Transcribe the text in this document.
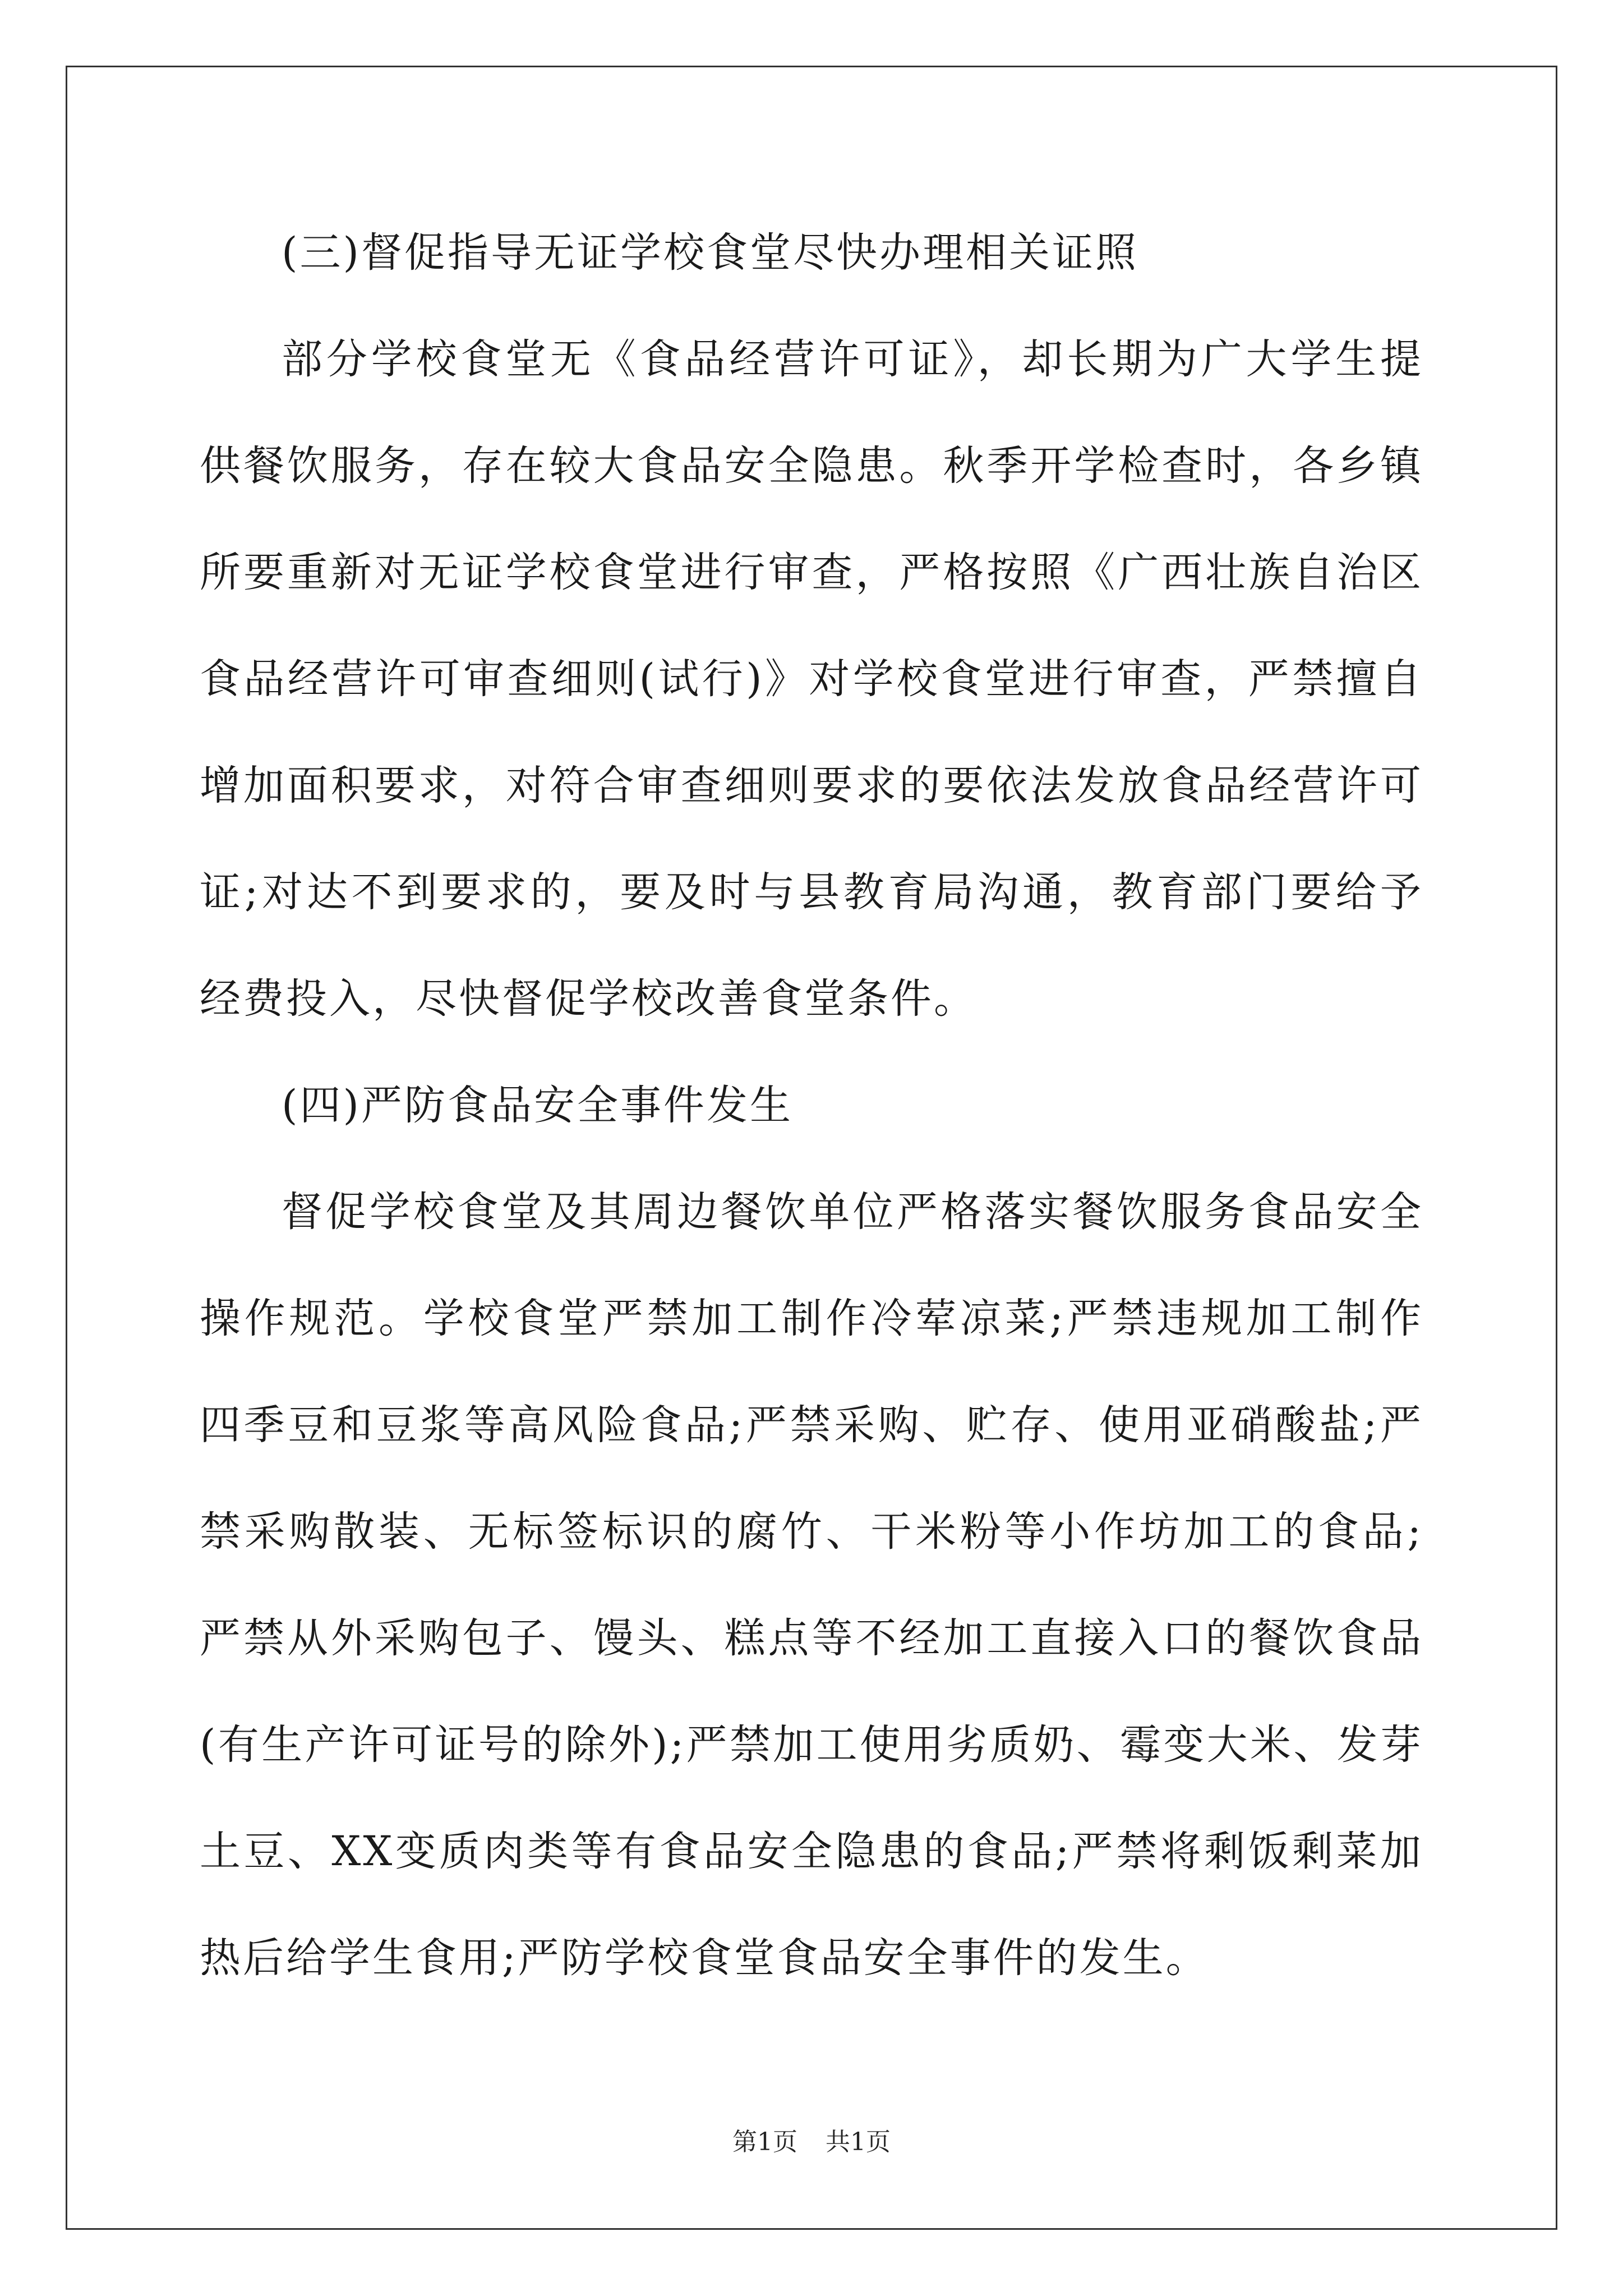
(三)督促指导无证学校食堂尽快办理相关证照

部分学校食堂无《食品经营许可证》，却长期为广大学生提供餐饮服务，存在较大食品安全隐患。秋季开学检查时，各乡镇所要重新对无证学校食堂进行审查，严格按照《广西壮族自治区食品经营许可审查细则(试行)》对学校食堂进行审查，严禁擅自增加面积要求，对符合审查细则要求的要依法发放食品经营许可证;对达不到要求的，要及时与县教育局沟通，教育部门要给予经费投入，尽快督促学校改善食堂条件。

(四)严防食品安全事件发生

督促学校食堂及其周边餐饮单位严格落实餐饮服务食品安全操作规范。学校食堂严禁加工制作冷荤凉菜;严禁违规加工制作四季豆和豆浆等高风险食品;严禁采购、贮存、使用亚硝酸盐;严禁采购散装、无标签标识的腐竹、干米粉等小作坊加工的食品;严禁从外采购包子、馒头、糕点等不经加工直接入口的餐饮食品(有生产许可证号的除外);严禁加工使用劣质奶、霉变大米、发芽土豆、XX变质肉类等有食品安全隐患的食品;严禁将剩饭剩菜加热后给学生食用;严防学校食堂食品安全事件的发生。

第1页 共1页
